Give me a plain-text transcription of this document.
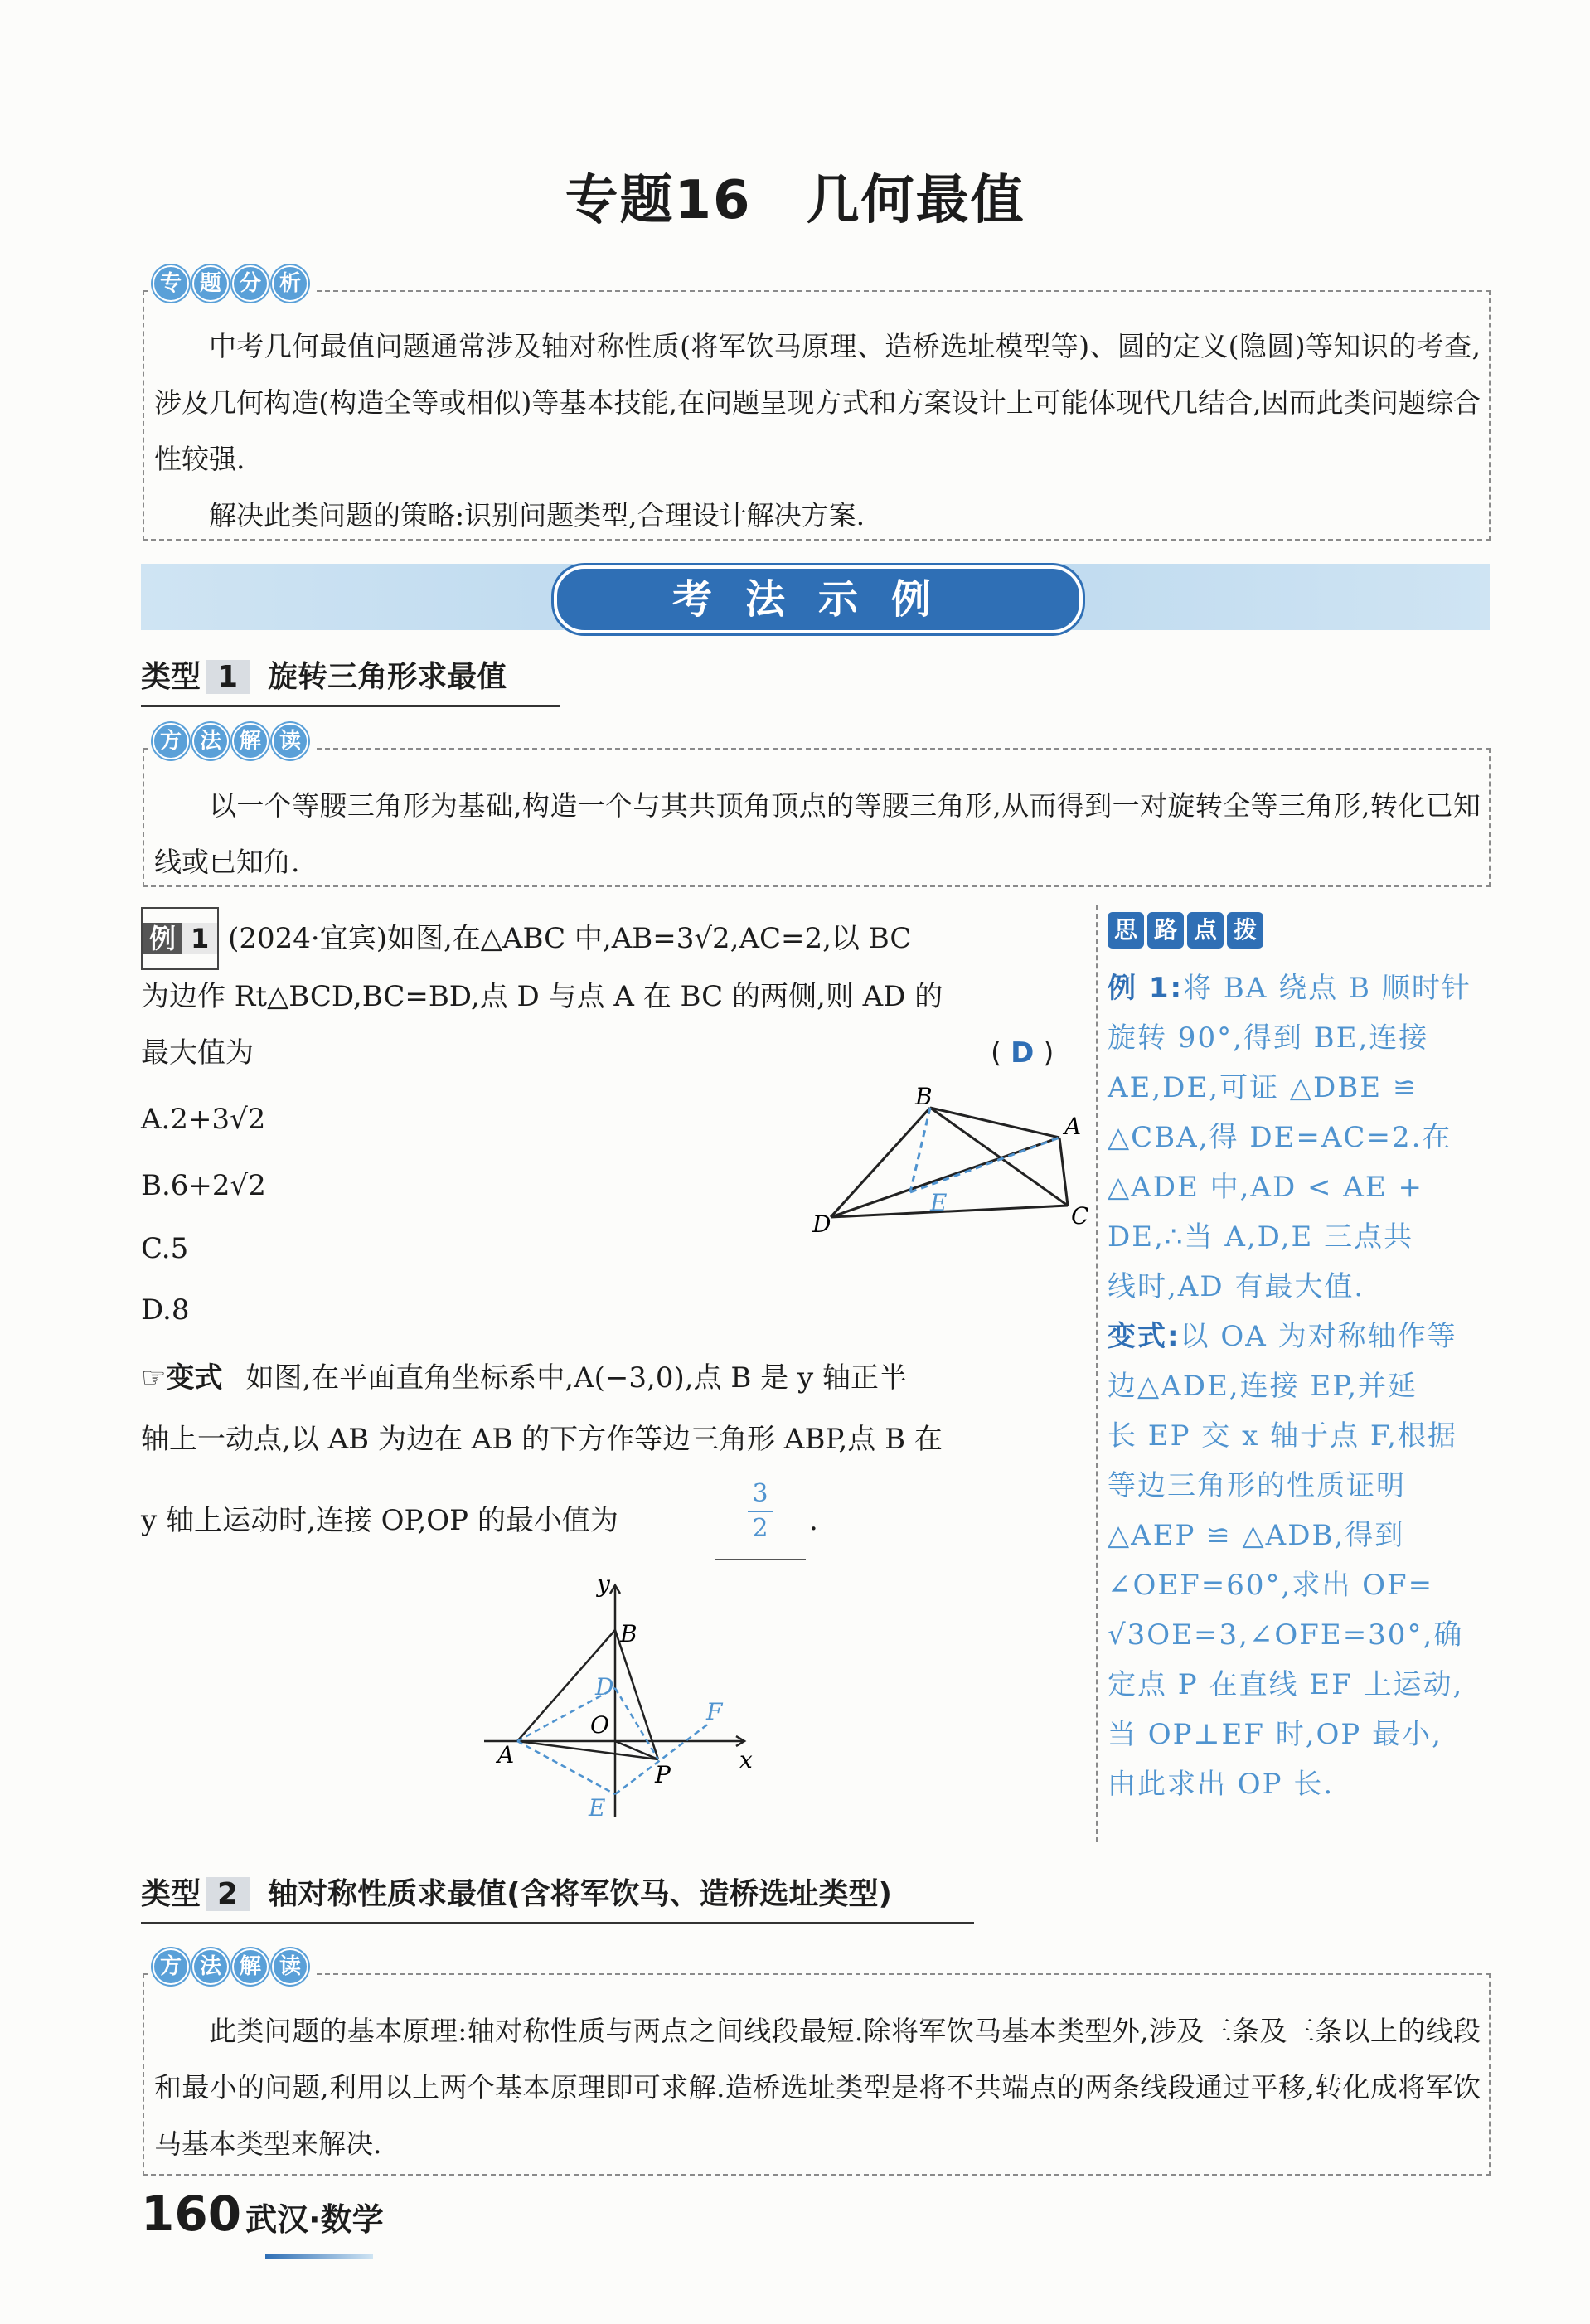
专题16　几何最值
专 题 分 析
中考几何最值问题通常涉及轴对称性质(将军饮马原理、造桥选址模型等)、圆的定义(隐圆)等知识的考查,涉及几何构造(构造全等或相似)等基本技能,在问题呈现方式和方案设计上可能体现代几结合,因而此类问题综合性较强.
解决此类问题的策略:识别问题类型,合理设计解决方案.
考法示例
类型 1 旋转三角形求最值
方 法 解 读
以一个等腰三角形为基础,构造一个与其共顶角顶点的等腰三角形,从而得到一对旋转全等三角形,转化已知线或已知角.
例 1 (2024·宜宾)如图,在△ABC 中,AB=3√2,AC=2,以 BC
为边作 Rt△BCD,BC=BD,点 D 与点 A 在 BC 的两侧,则 AD 的
最大值为	( D )
A.2+3√2
B.6+2√2
C.5
D.8
B
A
C
D
E
☞变式 如图,在平面直角坐标系中,A(−3,0),点 B 是 y 轴正半
轴上一动点,以 AB 为边在 AB 的下方作等边三角形 ABP,点 B 在
y 轴上运动时,连接 OP,OP 的最小值为
3
2	.
y
x
B
D
O	F
A
P
E
思 路 点 拨
例 1:将 BA 绕点 B 顺时针
旋转 90°,得到 BE,连接
AE,DE,可证 △DBE ≌
△CBA,得 DE=AC=2.在
△ADE 中,AD < AE +
DE,∴当 A,D,E 三点共
线时,AD 有最大值.
变式:以 OA 为对称轴作等
边△ADE,连接 EP,并延
长 EP 交 x 轴于点 F,根据
等边三角形的性质证明
△AEP ≌ △ADB,得到
∠OEF=60°,求出 OF=
√3OE=3,∠OFE=30°,确
定点 P 在直线 EF 上运动,
当 OP⊥EF 时,OP 最小,
由此求出 OP 长.
类型 2 轴对称性质求最值(含将军饮马、造桥选址类型)
方 法 解 读
此类问题的基本原理:轴对称性质与两点之间线段最短.除将军饮马基本类型外,涉及三条及三条以上的线段和最小的问题,利用以上两个基本原理即可求解.造桥选址类型是将不共端点的两条线段通过平移,转化成将军饮马基本类型来解决.
160 武汉·数学
